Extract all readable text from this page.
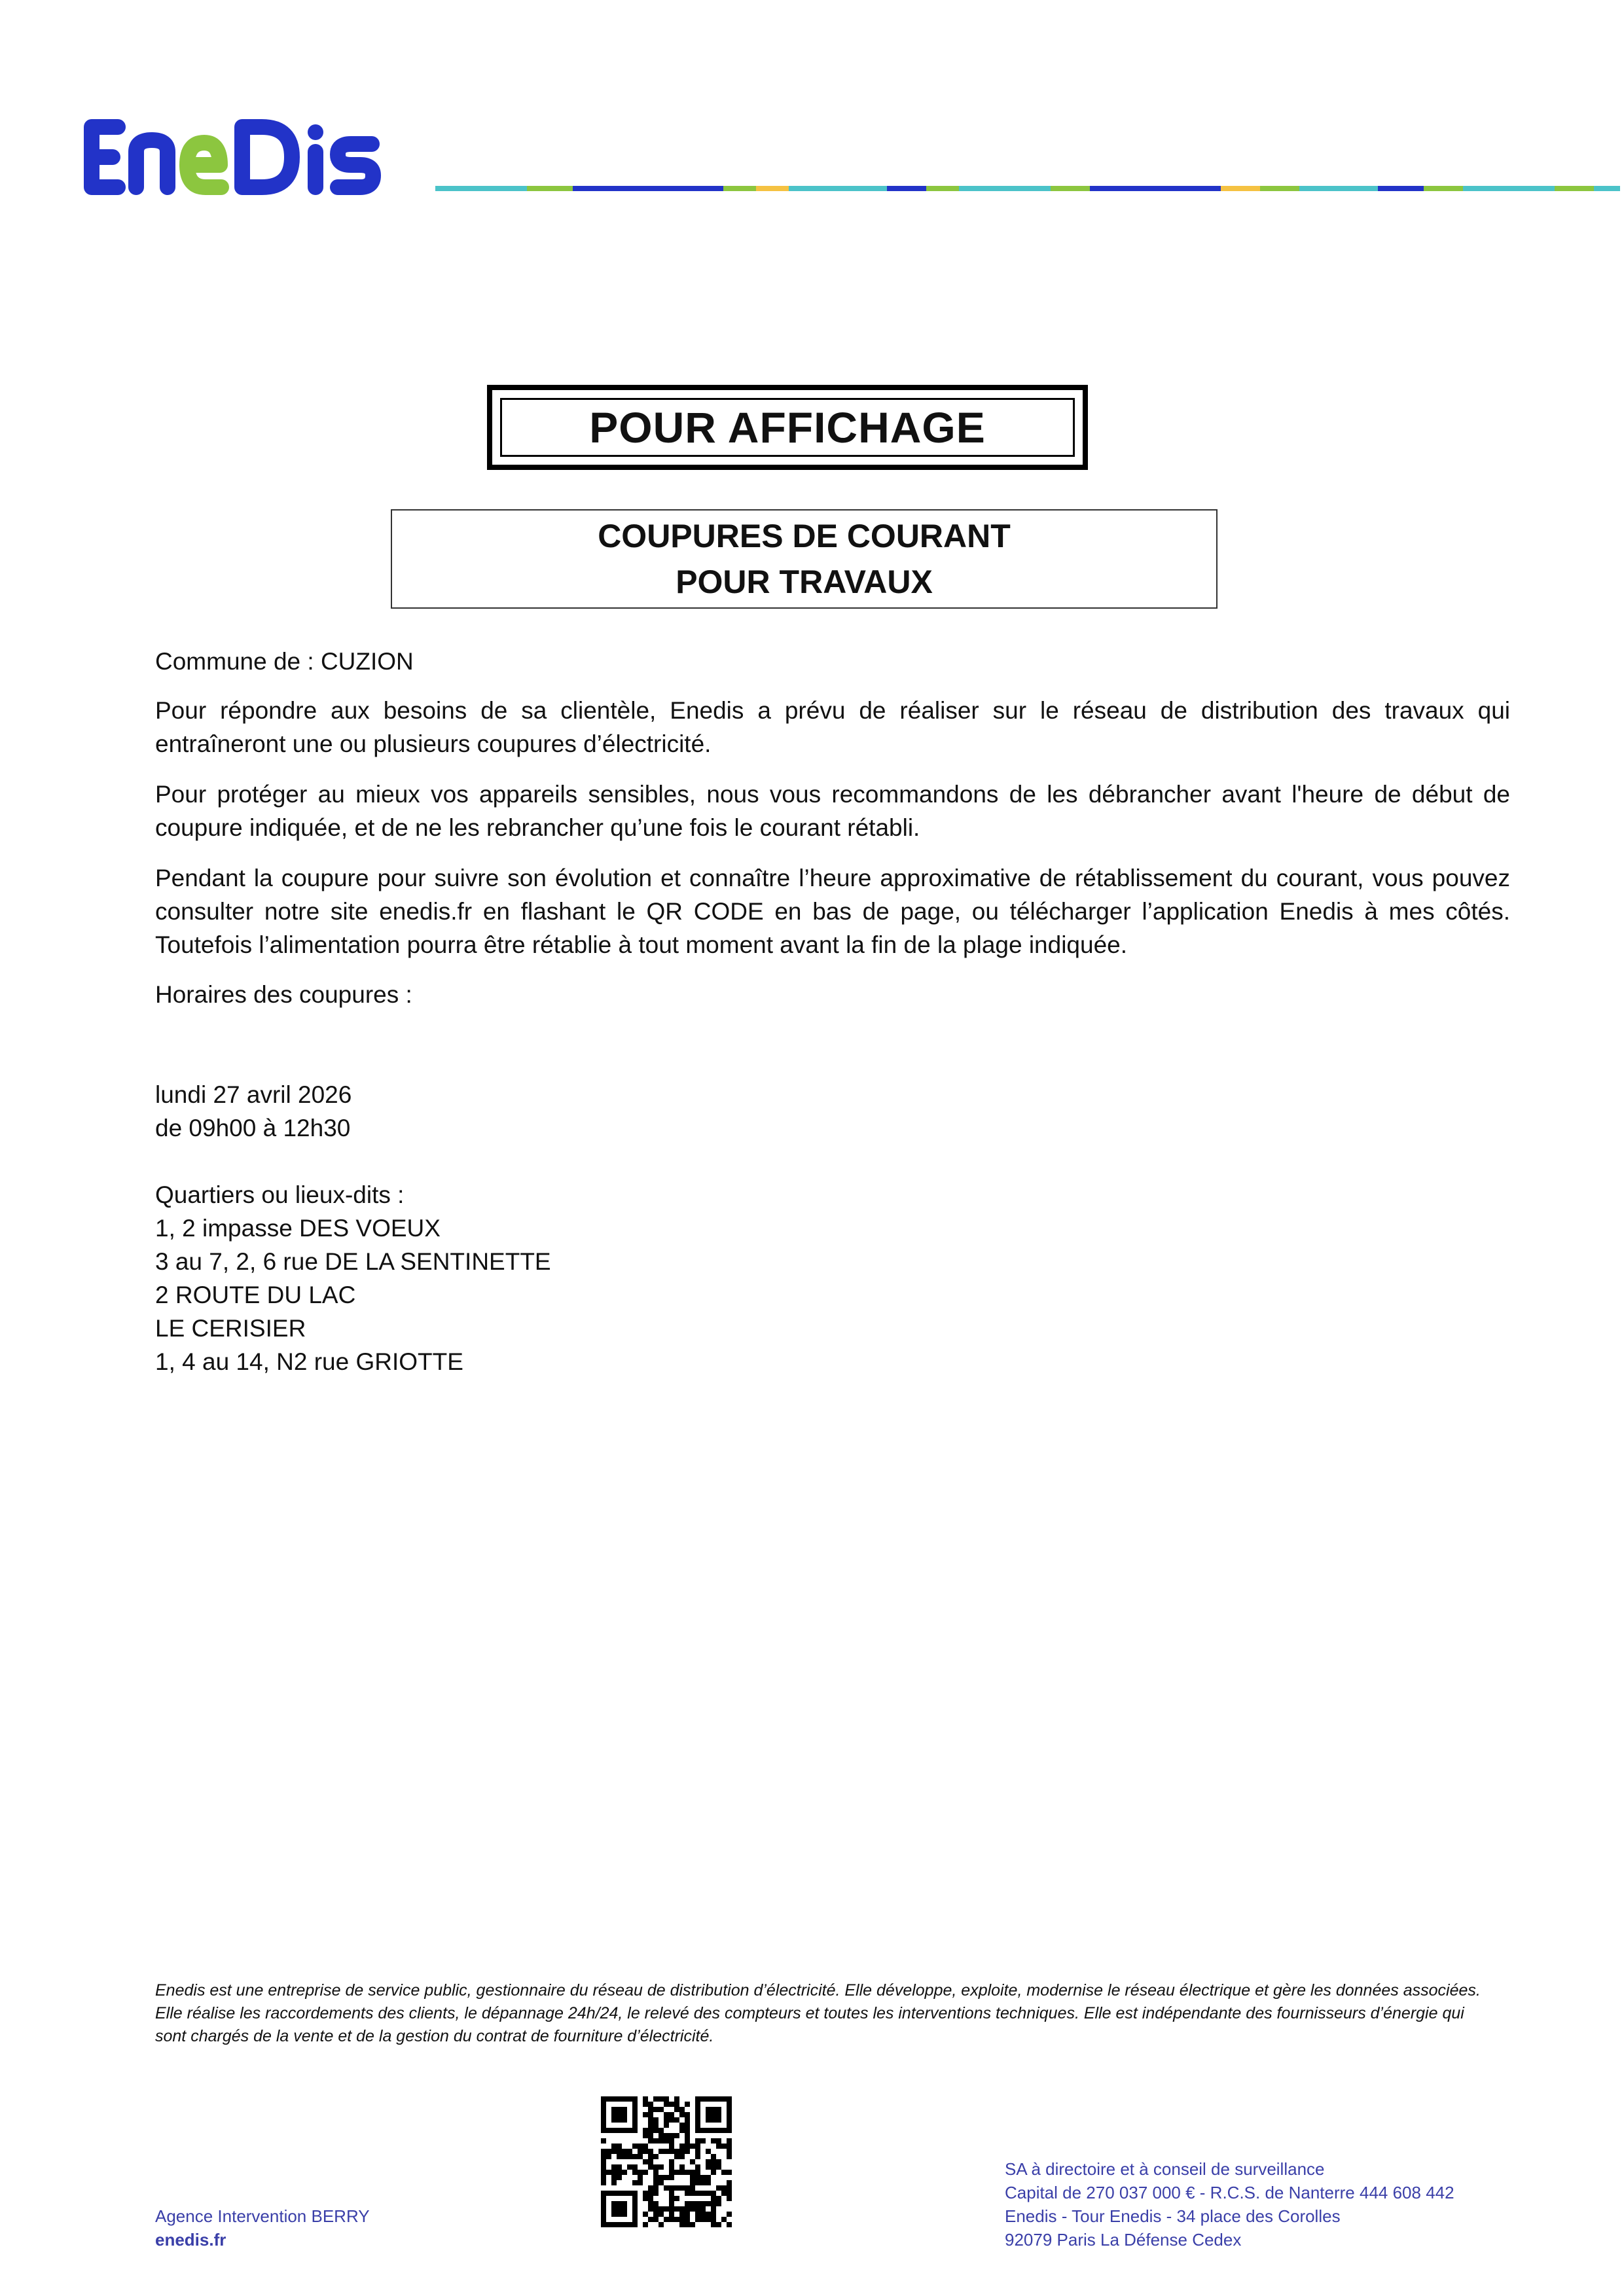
POUR AFFICHAGE
COUPURES DE COURANT
POUR TRAVAUX
Commune de : CUZION
Pour répondre aux besoins de sa clientèle, Enedis a prévu de réaliser sur le réseau de distribution des travaux qui entraîneront une ou plusieurs coupures d’électricité.
Pour protéger au mieux vos appareils sensibles, nous vous recommandons de les débrancher avant l'heure de début de coupure indiquée, et de ne les rebrancher qu’une fois le courant rétabli.
Pendant la coupure pour suivre son évolution et connaître l’heure approximative de rétablissement du courant, vous pouvez consulter notre site enedis.fr en flashant le QR CODE en bas de page, ou télécharger l’application Enedis à mes côtés. Toutefois l’alimentation pourra être rétablie à tout moment avant la fin de la plage indiquée.
Horaires des coupures :
lundi 27 avril 2026
de 09h00 à 12h30
Quartiers ou lieux-dits :
1, 2 impasse DES VOEUX
3 au 7, 2, 6 rue DE LA SENTINETTE
2 ROUTE DU LAC
LE CERISIER
1, 4 au 14, N2 rue GRIOTTE
Enedis est une entreprise de service public, gestionnaire du réseau de distribution d’électricité. Elle développe, exploite, modernise le réseau électrique et gère les données associées. Elle réalise les raccordements des clients, le dépannage 24h/24, le relevé des compteurs et toutes les interventions techniques. Elle est indépendante des fournisseurs d’énergie qui sont chargés de la vente et de la gestion du contrat de fourniture d’électricité.
Agence Intervention BERRY
enedis.fr
SA à directoire et à conseil de surveillance
Capital de 270 037 000 € - R.C.S. de Nanterre 444 608 442
Enedis - Tour Enedis - 34 place des Corolles
92079 Paris La Défense Cedex
